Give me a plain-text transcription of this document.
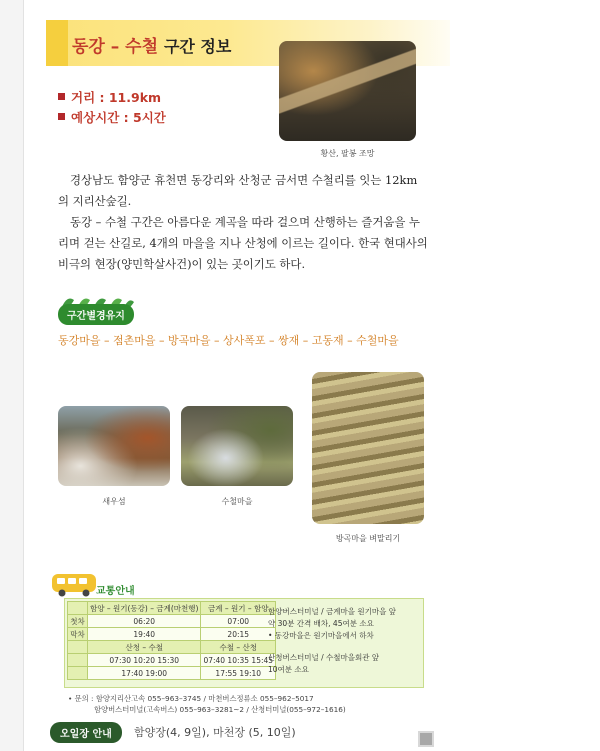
동강 – 수철 구간 정보
거리 : 11.9km
예상시간 : 5시간
황산, 팔봉 조망

경상남도 함양군 휴천면 동강리와 산청군 금서면 수철리를 잇는 12km의 지리산숲길.

동강 – 수철 구간은 아름다운 계곡을 따라 걸으며 산행하는 즐거움을 누리며 걷는 산길로, 4개의 마을을 지나 산청에 이르는 길이다. 한국 현대사의 비극의 현장(양민학살사건)이 있는 곳이기도 하다.

구간별경유지
동강마을 – 점촌마을 – 방곡마을 – 상사폭포 – 쌍재 – 고동재 – 수철마을
새우섬	수철마을
방곡마을 벼말리기
교통안내
	함양 – 원기(동강) – 금계(마천행)	금계 – 원기 – 함양
첫차	06:20	07:00
막차	19:40	20:15
	산청 – 수철	수철 – 산청
	07:30 10:20 15:30	07:40 10:35 15:45
	17:40 19:00	17:55 19:10
함양버스터미널 / 금계마을 원기마을 앞
약 30분 간격 배차, 45여분 소요
• 동강마을은 원기마을에서 하차
산청버스터미널 / 수철마을회관 앞
10여분 소요
• 문의 : 함양지리산고속 055–963–3745 / 마천버스정류소 055–962–5017
함양버스터미널(고속버스) 055–963–3281~2 / 산청터미널(055–972–1616)
오일장 안내	함양장(4, 9일), 마천장 (5, 10일)
